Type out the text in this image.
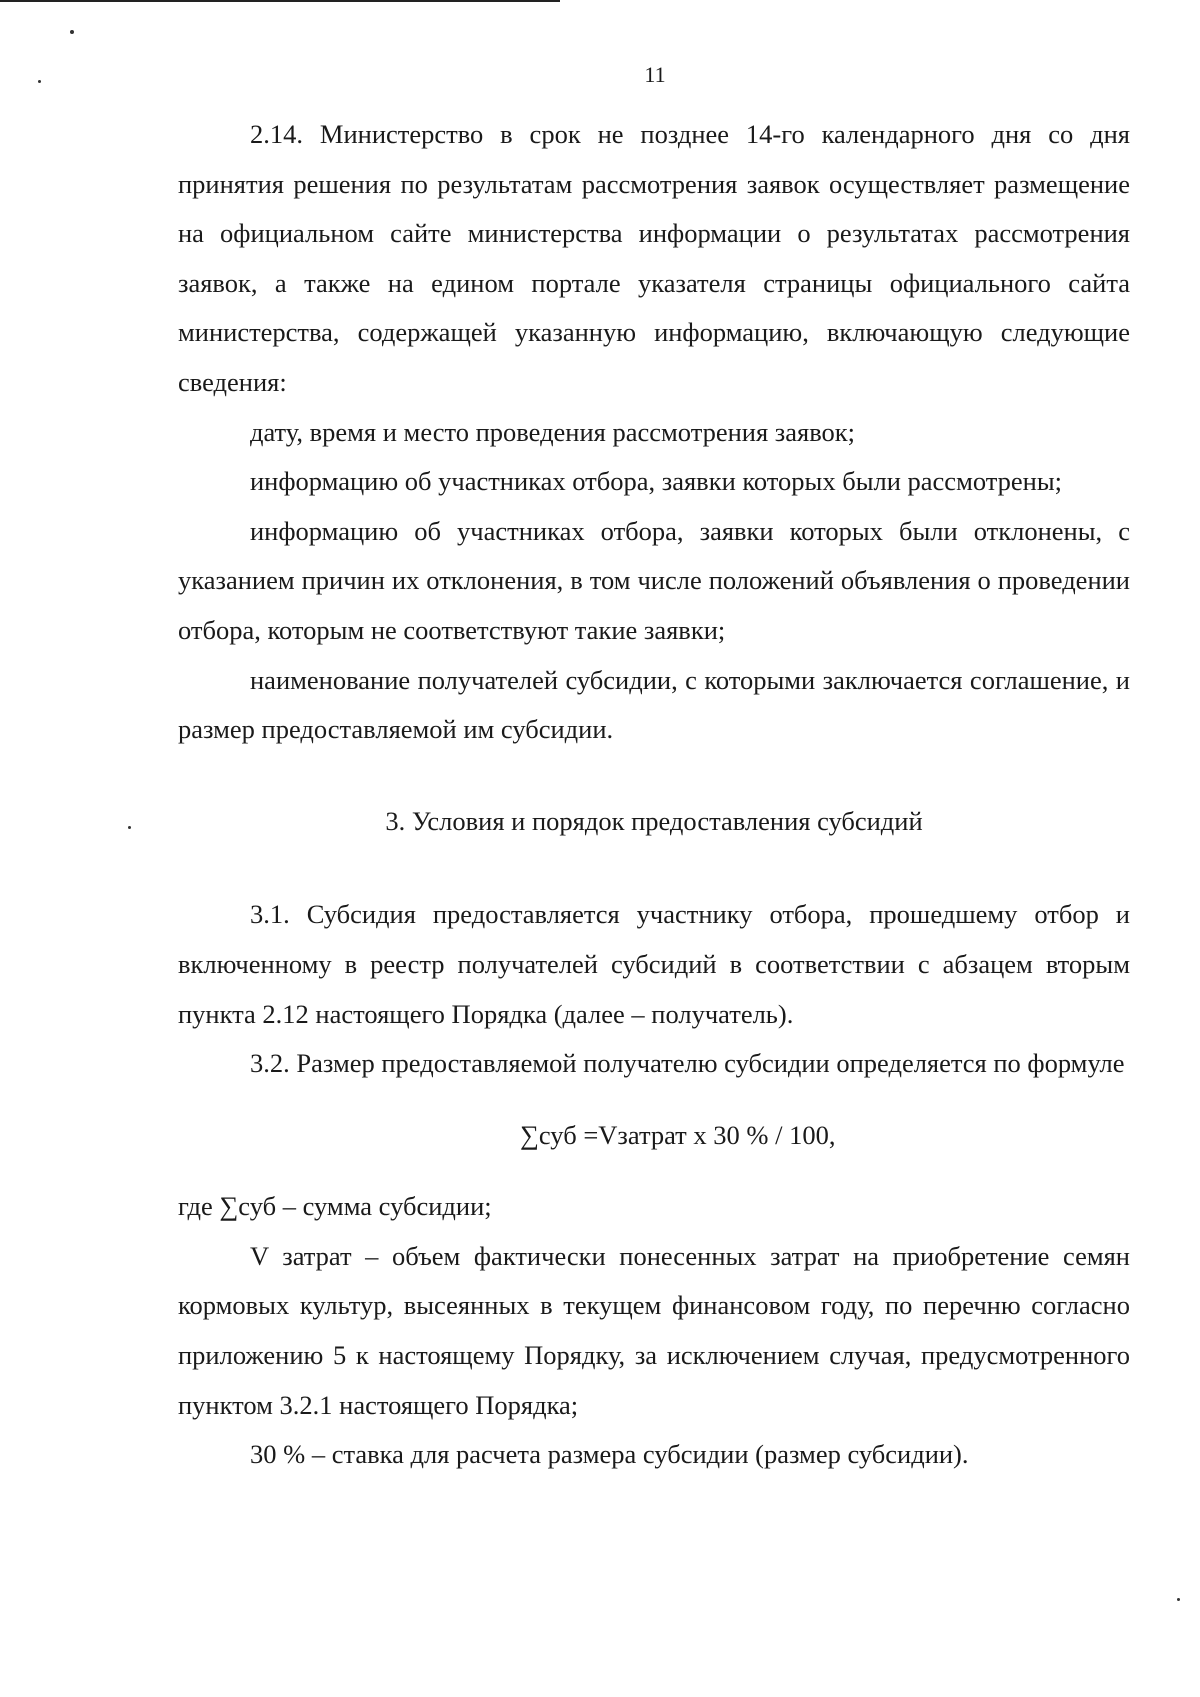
11

2.14. Министерство в срок не позднее 14-го календарного дня со дня принятия решения по результатам рассмотрения заявок осуществляет размещение на официальном сайте министерства информации о результатах рассмотрения заявок, а также на едином портале указателя страницы официального сайта министерства, содержащей указанную информацию, включающую следующие сведения:

дату, время и место проведения рассмотрения заявок;

информацию об участниках отбора, заявки которых были рассмотрены;

информацию об участниках отбора, заявки которых были отклонены, с указанием причин их отклонения, в том числе положений объявления о проведении отбора, которым не соответствуют такие заявки;

наименование получателей субсидии, с которыми заключается соглашение, и размер предоставляемой им субсидии.

3. Условия и порядок предоставления субсидий

3.1. Субсидия предоставляется участнику отбора, прошедшему отбор и включенному в реестр получателей субсидий в соответствии с абзацем вторым пункта 2.12 настоящего Порядка (далее – получатель).

3.2. Размер предоставляемой получателю субсидии определяется по формуле

∑суб =Vзатрат х 30 % / 100,

где ∑суб – сумма субсидии;

V затрат – объем фактически понесенных затрат на приобретение семян кормовых культур, высеянных в текущем финансовом году, по перечню согласно приложению 5 к настоящему Порядку, за исключением случая, предусмотренного пунктом 3.2.1 настоящего Порядка;

30 % – ставка для расчета размера субсидии (размер субсидии).
